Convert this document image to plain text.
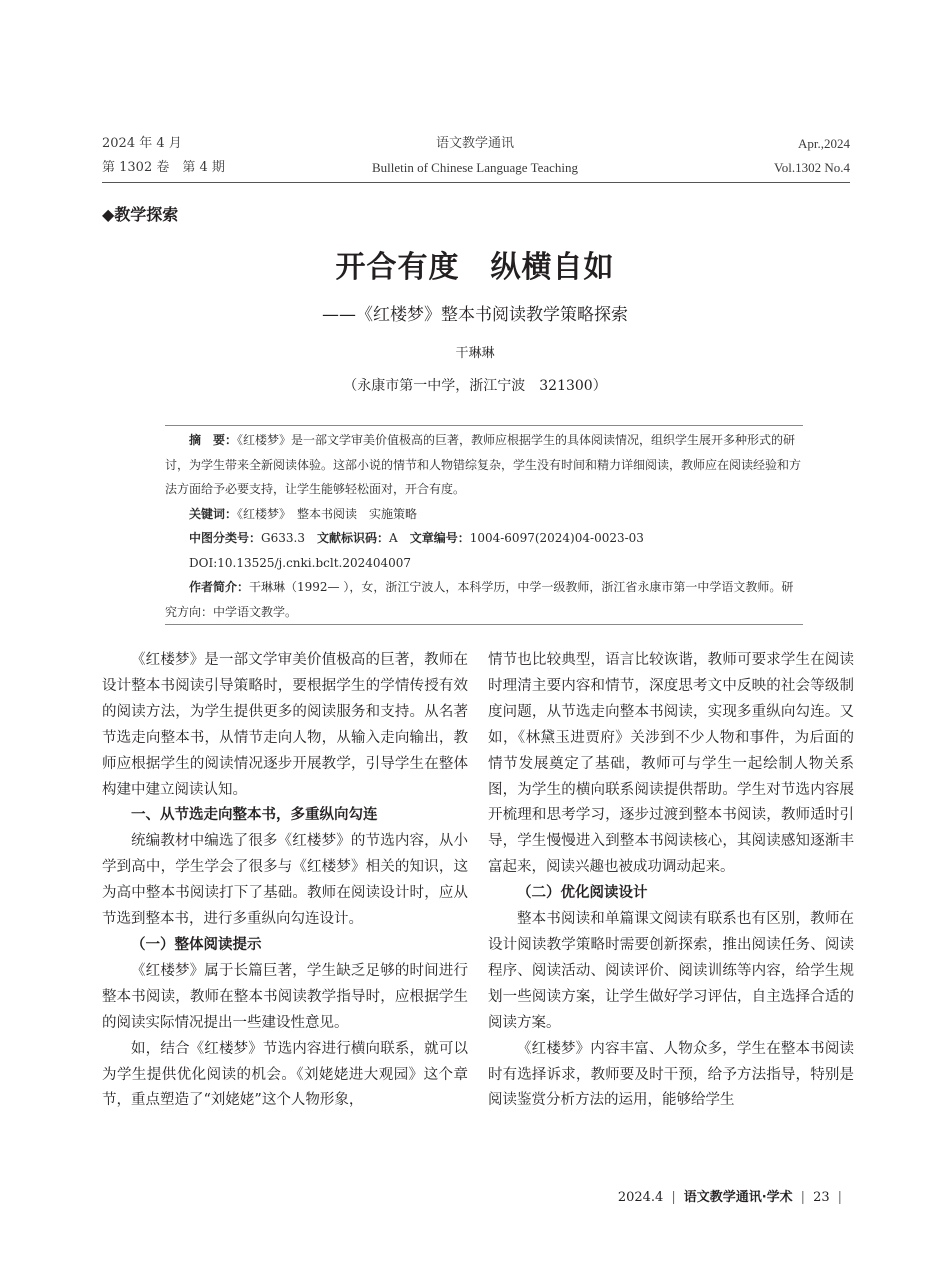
2024 年 4 月
第 1302 卷　第 4 期
语文教学通讯
Bulletin of Chinese Language Teaching
Apr.,2024
Vol.1302 No.4
◆教学探索
开合有度　纵横自如
——《红楼梦》整本书阅读教学策略探索
干琳琳
（永康市第一中学，浙江宁波　321300）

摘　要：《红楼梦》是一部文学审美价值极高的巨著，教师应根据学生的具体阅读情况，组织学生展开多种形式的研讨，为学生带来全新阅读体验。这部小说的情节和人物错综复杂，学生没有时间和精力详细阅读，教师应在阅读经验和方法方面给予必要支持，让学生能够轻松面对，开合有度。

关键词：《红楼梦》　整本书阅读　实施策略

中图分类号：G633.3　 文献标识码：A　 文章编号：1004-6097(2024)04-0023-03

DOI:10.13525/j.cnki.bclt.202404007

作者简介：干琳琳（1992— ），女，浙江宁波人，本科学历，中学一级教师，浙江省永康市第一中学语文教师。研究方向：中学语文教学。

《红楼梦》是一部文学审美价值极高的巨著，教师在设计整本书阅读引导策略时，要根据学生的学情传授有效的阅读方法，为学生提供更多的阅读服务和支持。从名著节选走向整本书，从情节走向人物，从输入走向输出，教师应根据学生的阅读情况逐步开展教学，引导学生在整体构建中建立阅读认知。

一、从节选走向整本书，多重纵向勾连

统编教材中编选了很多《红楼梦》的节选内容，从小学到高中，学生学会了很多与《红楼梦》相关的知识，这为高中整本书阅读打下了基础。教师在阅读设计时，应从节选到整本书，进行多重纵向勾连设计。

（一）整体阅读提示

《红楼梦》属于长篇巨著，学生缺乏足够的时间进行整本书阅读，教师在整本书阅读教学指导时，应根据学生的阅读实际情况提出一些建设性意见。

如，结合《红楼梦》节选内容进行横向联系，就可以为学生提供优化阅读的机会。《刘姥姥进大观园》这个章节，重点塑造了“刘姥姥”这个人物形象，

情节也比较典型，语言比较诙谐，教师可要求学生在阅读时理清主要内容和情节，深度思考文中反映的社会等级制度问题，从节选走向整本书阅读，实现多重纵向勾连。又如，《林黛玉进贾府》关涉到不少人物和事件，为后面的情节发展奠定了基础，教师可与学生一起绘制人物关系图，为学生的横向联系阅读提供帮助。学生对节选内容展开梳理和思考学习，逐步过渡到整本书阅读，教师适时引导，学生慢慢进入到整本书阅读核心，其阅读感知逐渐丰富起来，阅读兴趣也被成功调动起来。

（二）优化阅读设计

整本书阅读和单篇课文阅读有联系也有区别，教师在设计阅读教学策略时需要创新探索，推出阅读任务、阅读程序、阅读活动、阅读评价、阅读训练等内容，给学生规划一些阅读方案，让学生做好学习评估，自主选择合适的阅读方案。

《红楼梦》内容丰富、人物众多，学生在整本书阅读时有选择诉求，教师要及时干预，给予方法指导，特别是阅读鉴赏分析方法的运用，能够给学生

2024.4 | 语文教学通讯·学术 | 23 |
